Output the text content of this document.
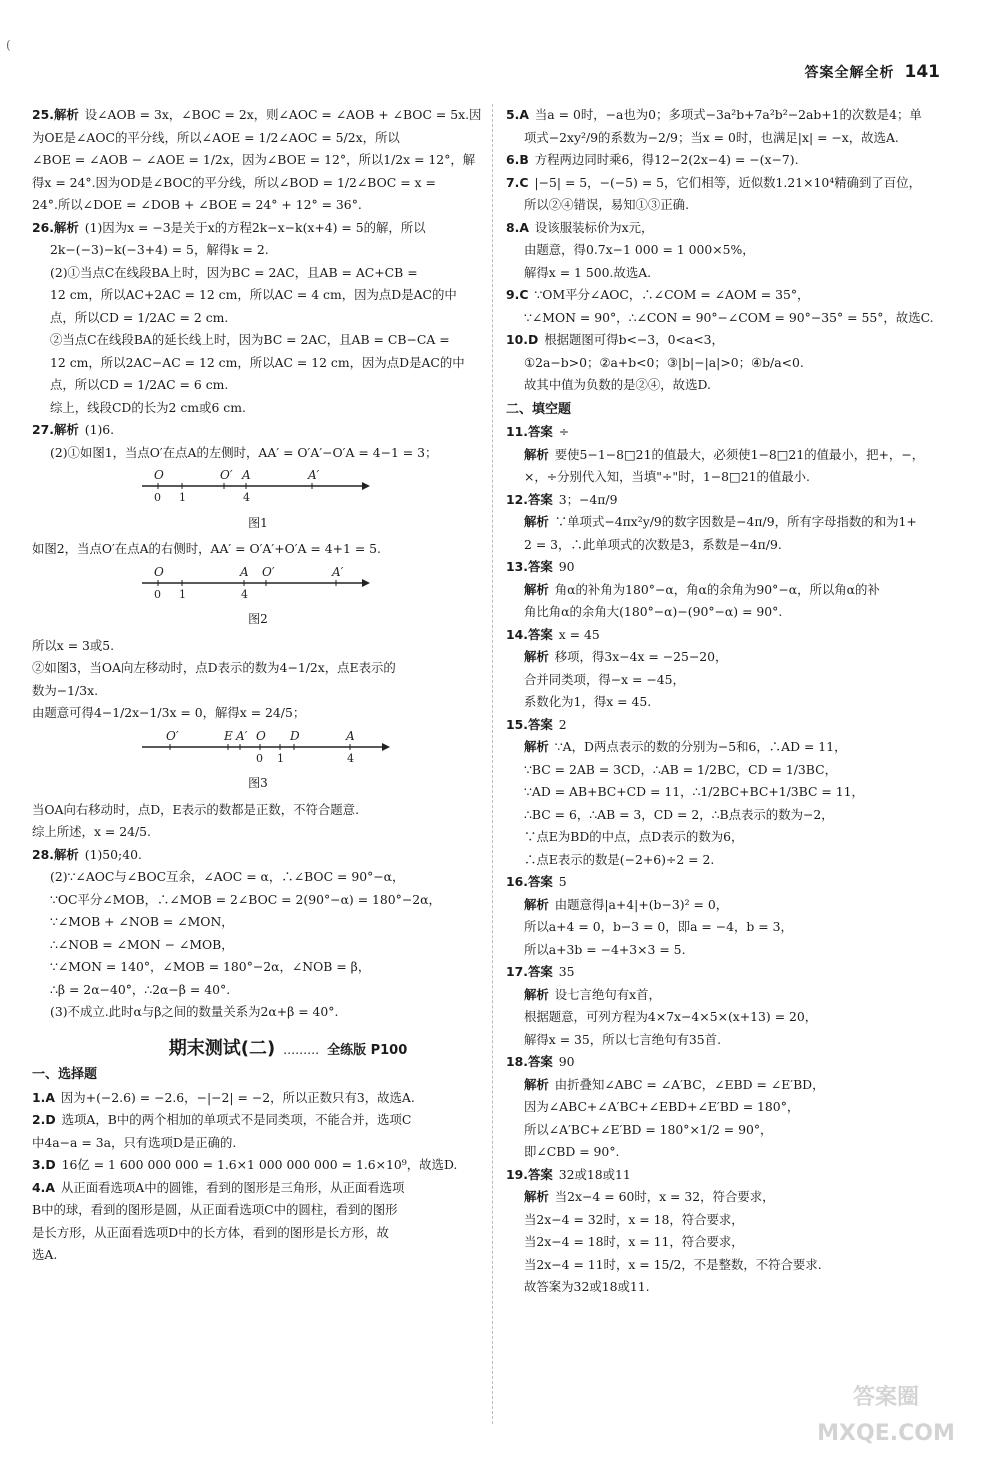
(
答案全解全析 141
25.解析 设∠AOB = 3x，∠BOC = 2x，则∠AOC = ∠AOB + ∠BOC = 5x.因
为OE是∠AOC的平分线，所以∠AOE = 1/2∠AOC = 5/2x，所以
∠BOE = ∠AOB − ∠AOE = 1/2x，因为∠BOE = 12°，所以1/2x = 12°，解
得x = 24°.因为OD是∠BOC的平分线，所以∠BOD = 1/2∠BOC = x =
24°.所以∠DOE = ∠DOB + ∠BOE = 24° + 12° = 36°.
26.解析 (1)因为x = −3是关于x的方程2k−x−k(x+4) = 5的解，所以
2k−(−3)−k(−3+4) = 5，解得k = 2.
(2)①当点C在线段BA上时，因为BC = 2AC，且AB = AC+CB =
12 cm，所以AC+2AC = 12 cm，所以AC = 4 cm，因为点D是AC的中
点，所以CD = 1/2AC = 2 cm.
②当点C在线段BA的延长线上时，因为BC = 2AC，且AB = CB−CA =
12 cm，所以2AC−AC = 12 cm，所以AC = 12 cm，因为点D是AC的中
点，所以CD = 1/2AC = 6 cm.
综上，线段CD的长为2 cm或6 cm.
27.解析 (1)6.
(2)①如图1，当点O′在点A的左侧时，AA′ = O′A′−O′A = 4−1 = 3；
O	O′ A	A′
0 1	4
图1
如图2，当点O′在点A的右侧时，AA′ = O′A′+O′A = 4+1 = 5.
O	A O′	A′
0 1	4
图2
所以x = 3或5.
②如图3，当OA向左移动时，点D表示的数为4−1/2x，点E表示的
数为−1/3x.
由题意可得4−1/2x−1/3x = 0，解得x = 24/5；
O′	E A′ O D	A
0 1	4
图3
当OA向右移动时，点D，E表示的数都是正数，不符合题意.
综上所述，x = 24/5.
28.解析 (1)50;40.
(2)∵∠AOC与∠BOC互余，∠AOC = α，∴∠BOC = 90°−α，
∵OC平分∠MOB，∴∠MOB = 2∠BOC = 2(90°−α) = 180°−2α，
∵∠MOB + ∠NOB = ∠MON，
∴∠NOB = ∠MON − ∠MOB，
∵∠MON = 140°，∠MOB = 180°−2α，∠NOB = β，
∴β = 2α−40°，∴2α−β = 40°.
(3)不成立.此时α与β之间的数量关系为2α+β = 40°.
期末测试(二) ……… 全练版 P100
一、选择题
1.A 因为+(−2.6) = −2.6，−|−2| = −2，所以正数只有3，故选A.
2.D 选项A，B中的两个相加的单项式不是同类项，不能合并，选项C
中4a−a = 3a，只有选项D是正确的.
3.D 16亿 = 1 600 000 000 = 1.6×1 000 000 000 = 1.6×10⁹，故选D.
4.A 从正面看选项A中的圆锥，看到的图形是三角形，从正面看选项
B中的球，看到的图形是圆，从正面看选项C中的圆柱，看到的图形
是长方形，从正面看选项D中的长方体，看到的图形是长方形，故
选A.
5.A 当a = 0时，−a也为0；多项式−3a²b+7a²b²−2ab+1的次数是4；单
项式−2xy²/9的系数为−2/9；当x = 0时，也满足|x| = −x，故选A.
6.B 方程两边同时乘6，得12−2(2x−4) = −(x−7).
7.C |−5| = 5，−(−5) = 5，它们相等，近似数1.21×10⁴精确到了百位，
所以②④错误，易知①③正确.
8.A 设该服装标价为x元，
由题意，得0.7x−1 000 = 1 000×5%，
解得x = 1 500.故选A.
9.C ∵OM平分∠AOC，∴∠COM = ∠AOM = 35°，
∵∠MON = 90°，∴∠CON = 90°−∠COM = 90°−35° = 55°，故选C.
10.D 根据题图可得b<−3，0<a<3，
①2a−b>0；②a+b<0；③|b|−|a|>0；④b/a<0.
故其中值为负数的是②④，故选D.
二、填空题
11.答案 ÷
解析 要使5−1−8□21的值最大，必须使1−8□21的值最小，把+，−，
×，÷分别代入知，当填"÷"时，1−8□21的值最小.
12.答案 3；−4π/9
解析 ∵单项式−4πx²y/9的数字因数是−4π/9，所有字母指数的和为1+
2 = 3，∴此单项式的次数是3，系数是−4π/9.
13.答案 90
解析 角α的补角为180°−α，角α的余角为90°−α，所以角α的补
角比角α的余角大(180°−α)−(90°−α) = 90°.
14.答案 x = 45
解析 移项，得3x−4x = −25−20，
合并同类项，得−x = −45，
系数化为1，得x = 45.
15.答案 2
解析 ∵A，D两点表示的数的分别为−5和6，∴AD = 11，
∵BC = 2AB = 3CD，∴AB = 1/2BC，CD = 1/3BC，
∵AD = AB+BC+CD = 11，∴1/2BC+BC+1/3BC = 11，
∴BC = 6，∴AB = 3，CD = 2，∴B点表示的数为−2，
∵点E为BD的中点，点D表示的数为6，
∴点E表示的数是(−2+6)÷2 = 2.
16.答案 5
解析 由题意得|a+4|+(b−3)² = 0，
所以a+4 = 0，b−3 = 0，即a = −4，b = 3，
所以a+3b = −4+3×3 = 5.
17.答案 35
解析 设七言绝句有x首，
根据题意，可列方程为4×7x−4×5×(x+13) = 20，
解得x = 35，所以七言绝句有35首.
18.答案 90
解析 由折叠知∠ABC = ∠A′BC，∠EBD = ∠E′BD，
因为∠ABC+∠A′BC+∠EBD+∠E′BD = 180°，
所以∠A′BC+∠E′BD = 180°×1/2 = 90°，
即∠CBD = 90°.
19.答案 32或18或11
解析 当2x−4 = 60时，x = 32，符合要求，
当2x−4 = 32时，x = 18，符合要求，
当2x−4 = 18时，x = 11，符合要求，
当2x−4 = 11时，x = 15/2，不是整数，不符合要求.
故答案为32或18或11.
答案圈
MXQE.COM
